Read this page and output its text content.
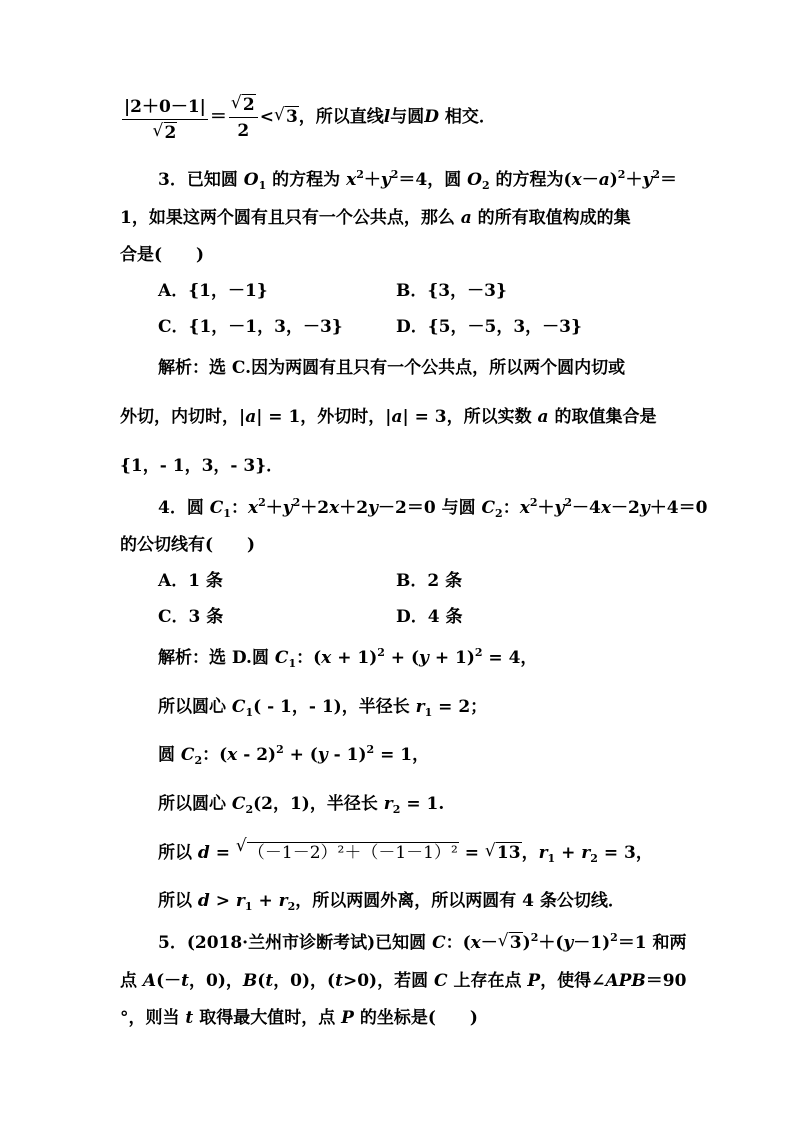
|2＋0－1|
√ 2 ＝ √ $\frac{2}{2}$ < √ 3，所以直线l与圆D 相交．
3．已知圆 $O_1$ 的方程为 $x^2+y^2=4$，圆 $O_2$ 的方程为$(x-a)^2+y^2=$
1，如果这两个圆有且只有一个公共点，那么 a 的所有取值构成的集
合是(　　)
A．{1，－1}	B．{3，－3}
C．{1，－1，3，－3}	D．{5，－5，3，－3}
解析：选 C.因为两圆有且只有一个公共点，所以两个圆内切或
外切，内切时，|a| = 1，外切时，|a| = 3，所以实数 a 的取值集合是
{1，- 1，3，- 3}．
4．圆 $C_1$：$x^2+y^2+2x+2y-2=0$ 与圆 $C_2$：$x^2+y^2-4x-2y+4=0$
的公切线有(　　)
A．1 条	B．2 条
C．3 条	D．4 条
解析：选 D.圆 $C_1$：$(x + 1)^2 + (y + 1)^2 = 4$，
所以圆心 $C_1( - 1$，- 1)，半径长 $r_1 = 2$；
圆 $C_2$：(x - 2)$^2$ + (y - 1)$^2$ = 1，
所以圆心 $C_2(2$，1)，半径长 $r_2 = 1$.
所以 d = √ （－1－2）²＋（－1－1）² = √ 13，$r_1 + r_2 = 3$，
所以 $d > r_1 + r_2$，所以两圆外离，所以两圆有 4 条公切线．
5．(2018·兰州市诊断考试)已知圆 C：(x－ √ $3)^2+(y-1)^2=1$ 和两
点 A(－t，0)，B(t，0)，(t>0)，若圆 C 上存在点 P，使得∠APB＝90
°，则当 t 取得最大值时，点 P 的坐标是(　　)
